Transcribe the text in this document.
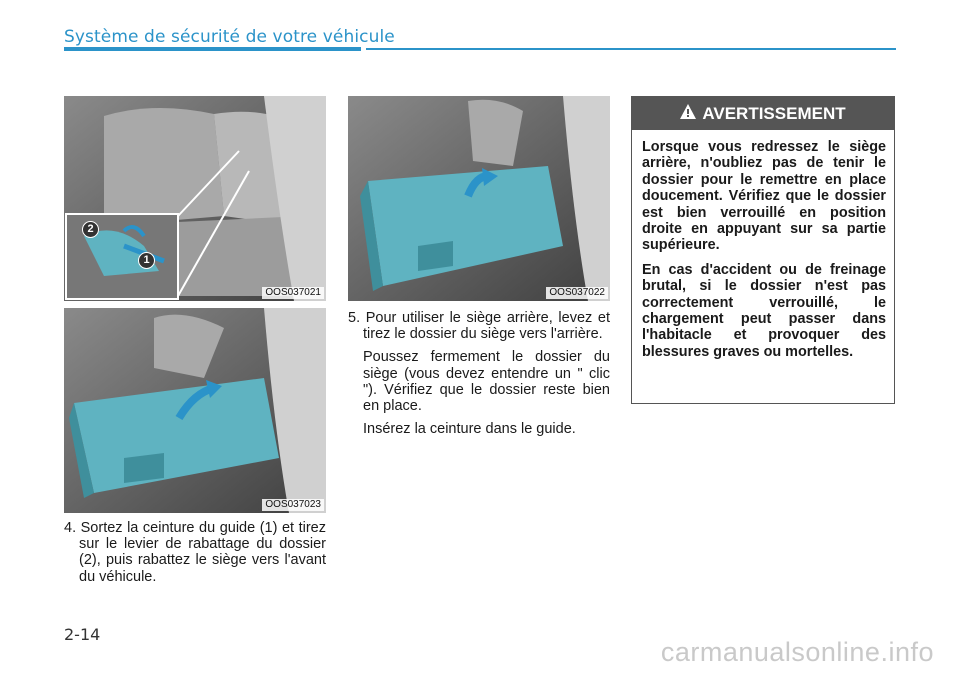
Système de sécurité de votre véhicule
2
1
OOS037021
OOS037023
OOS037022
4. Sortez la ceinture du guide (1) et tirez sur le levier de rabattage du dossier (2), puis rabattez le siège vers l'avant du véhicule.
5. Pour utiliser le siège arrière, levez et tirez le dossier du siège vers l'arrière.

Poussez fermement le dossier du siège (vous devez entendre un " clic "). Vérifiez que le dossier reste bien en place.

Insérez la ceinture dans le guide.

AVERTISSEMENT

Lorsque vous redressez le siège arrière, n'oubliez pas de tenir le dossier pour le remettre en place doucement. Vérifiez que le dossier est bien verrouillé en position droite en appuyant sur sa partie supérieure.

En cas d'accident ou de freinage brutal, si le dossier n'est pas correctement verrouillé, le chargement peut passer dans l'habitacle et provoquer des blessures graves ou mortelles.

2-14
carmanualsonline.info
